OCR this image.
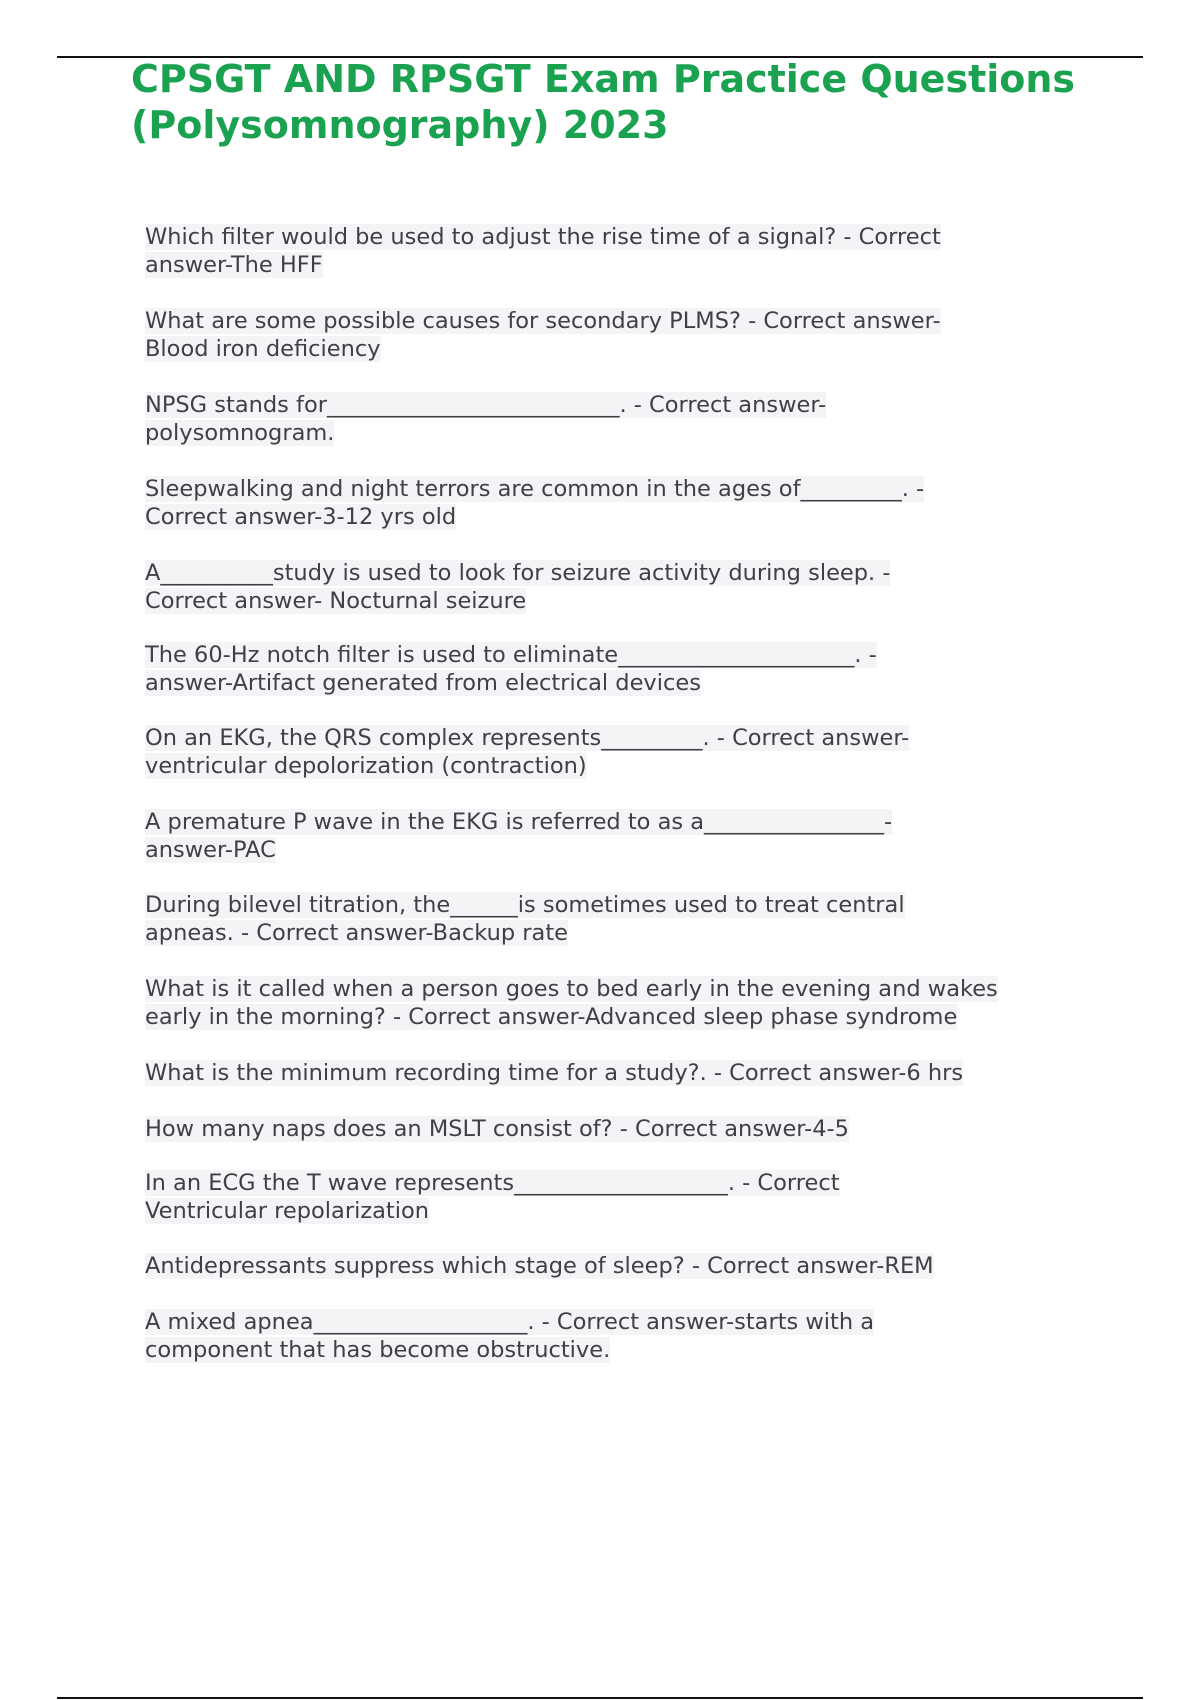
CPSGT AND RPSGT Exam Practice Questions (Polysomnography) 2023

Which filter would be used to adjust the rise time of a signal? - Correct
answer-The HFF

What are some possible causes for secondary PLMS? - Correct answer-
Blood iron deficiency

NPSG stands for__________________________. - Correct answer-
polysomnogram.

Sleepwalking and night terrors are common in the ages of_________. -
Correct answer-3-12 yrs old

A__________study is used to look for seizure activity during sleep. -
Correct answer- Nocturnal seizure

The 60-Hz notch filter is used to eliminate_____________________. -
answer-Artifact generated from electrical devices

On an EKG, the QRS complex represents_________. - Correct answer-
ventricular depolorization (contraction)

A premature P wave in the EKG is referred to as a________________-
answer-PAC

During bilevel titration, the______is sometimes used to treat central
apneas. - Correct answer-Backup rate

What is it called when a person goes to bed early in the evening and wakes
early in the morning? - Correct answer-Advanced sleep phase syndrome

What is the minimum recording time for a study?. - Correct answer-6 hrs

How many naps does an MSLT consist of? - Correct answer-4-5

In an ECG the T wave represents___________________. - Correct
Ventricular repolarization

Antidepressants suppress which stage of sleep? - Correct answer-REM

A mixed apnea___________________. - Correct answer-starts with a
component that has become obstructive.
